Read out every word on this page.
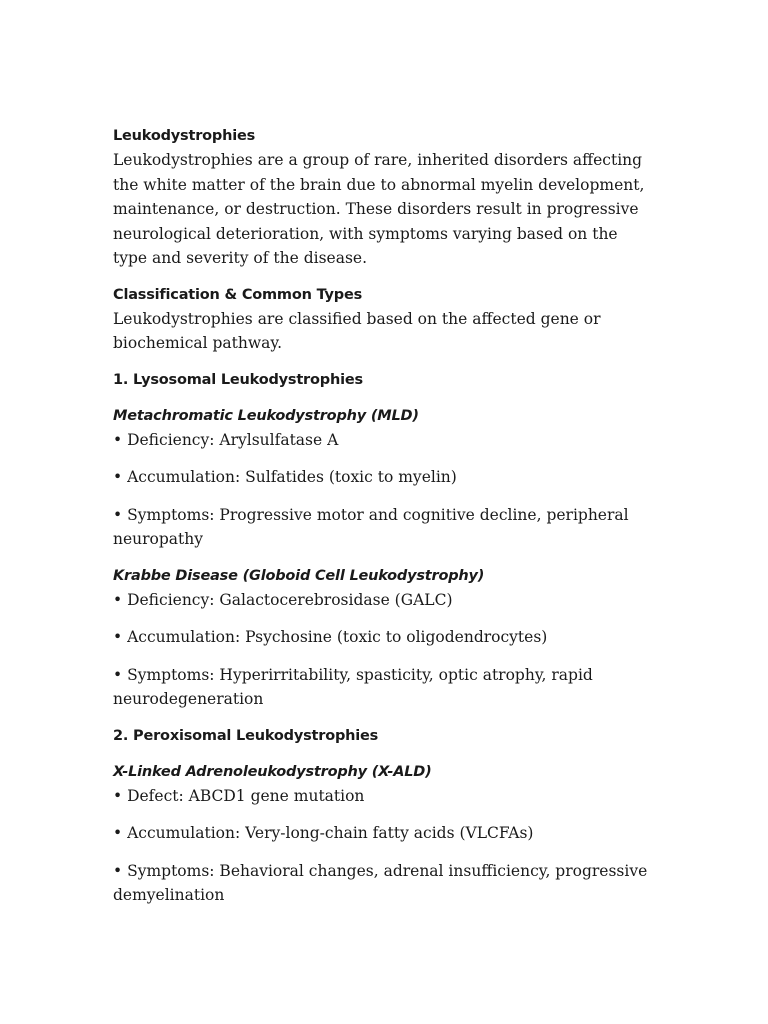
Leukodystrophies

Leukodystrophies are a group of rare, inherited disorders affecting the white matter of the brain due to abnormal myelin development, maintenance, or destruction. These disorders result in progressive neurological deterioration, with symptoms varying based on the type and severity of the disease.

Classification & Common Types

Leukodystrophies are classified based on the affected gene or biochemical pathway.

1. Lysosomal Leukodystrophies

Metachromatic Leukodystrophy (MLD)

• Deficiency: Arylsulfatase A

• Accumulation: Sulfatides (toxic to myelin)

• Symptoms: Progressive motor and cognitive decline, peripheral neuropathy

Krabbe Disease (Globoid Cell Leukodystrophy)

• Deficiency: Galactocerebrosidase (GALC)

• Accumulation: Psychosine (toxic to oligodendrocytes)

• Symptoms: Hyperirritability, spasticity, optic atrophy, rapid neurodegeneration

2. Peroxisomal Leukodystrophies

X-Linked Adrenoleukodystrophy (X-ALD)

• Defect: ABCD1 gene mutation

• Accumulation: Very-long-chain fatty acids (VLCFAs)

• Symptoms: Behavioral changes, adrenal insufficiency, progressive demyelination
